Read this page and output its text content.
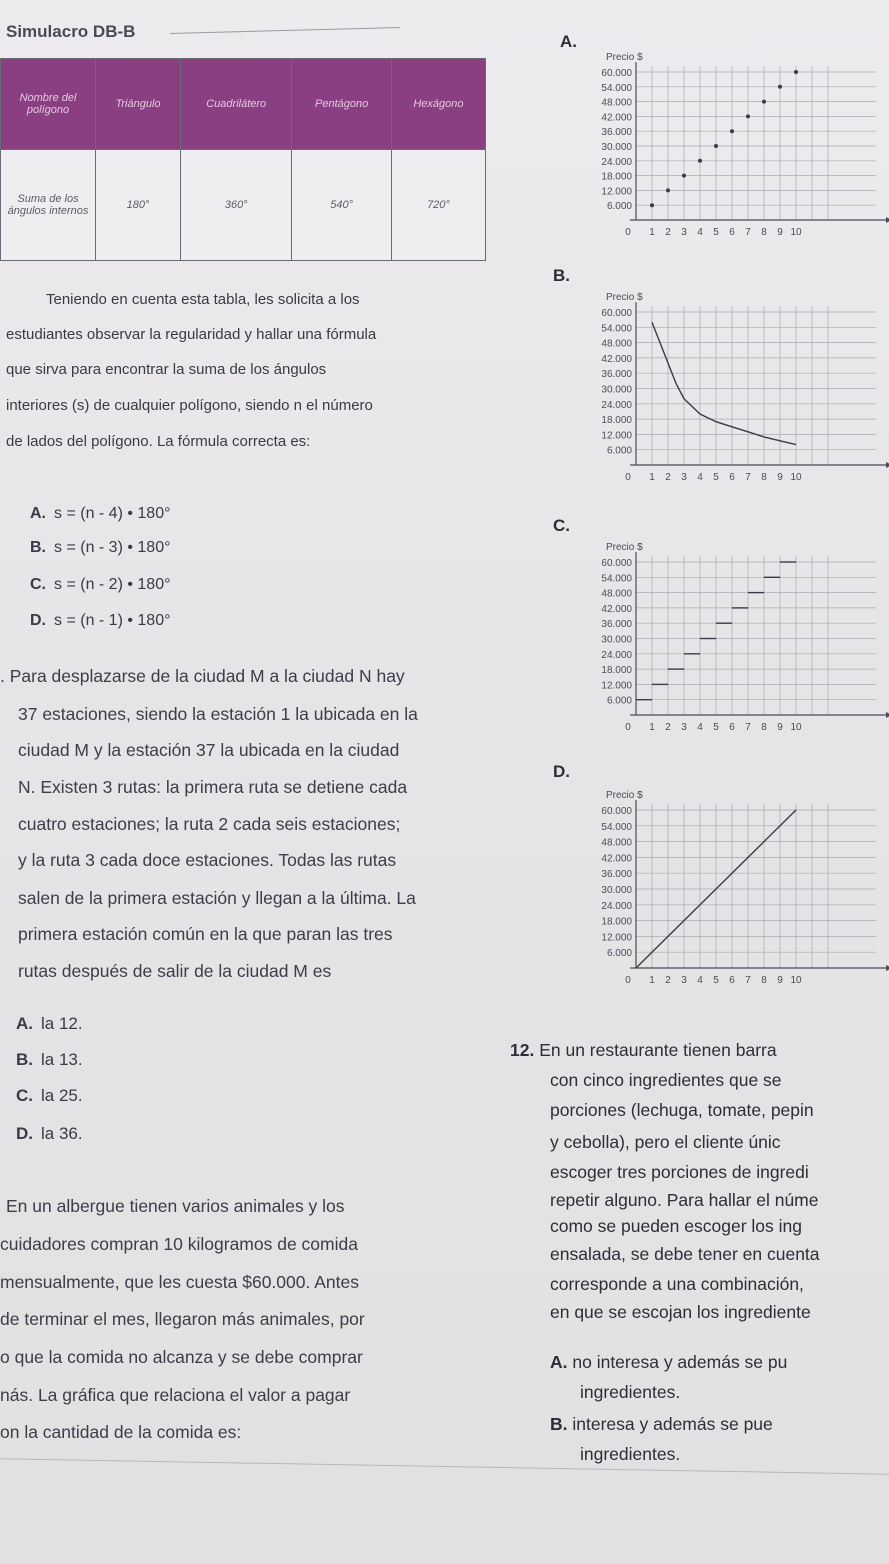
Simulacro DB-B
Nombre del polígono	Triángulo	Cuadrilátero	Pentágono	Hexágono
Suma de los ángulos internos	180°	360°	540°	720°
Teniendo en cuenta esta tabla, les solicita a los
estudiantes observar la regularidad y hallar una fórmula
que sirva para encontrar la suma de los ángulos
interiores (s) de cualquier polígono, siendo n el número
de lados del polígono. La fórmula correcta es:
A. s = (n - 4) • 180°
B. s = (n - 3) • 180°
C. s = (n - 2) • 180°
D. s = (n - 1) • 180°
. Para desplazarse de la ciudad M a la ciudad N hay
37 estaciones, siendo la estación 1 la ubicada en la
ciudad M y la estación 37 la ubicada en la ciudad
N. Existen 3 rutas: la primera ruta se detiene cada
cuatro estaciones; la ruta 2 cada seis estaciones;
y la ruta 3 cada doce estaciones. Todas las rutas
salen de la primera estación y llegan a la última. La
primera estación común en la que paran las tres
rutas después de salir de la ciudad M es
A. la 12.
B. la 13.
C. la 25.
D. la 36.
En un albergue tienen varios animales y los
cuidadores compran 10 kilogramos de comida
mensualmente, que les cuesta $60.000. Antes
de terminar el mes, llegaron más animales, por
o que la comida no alcanza y se debe comprar
nás. La gráfica que relaciona el valor a pagar
on la cantidad de la comida es:
A.
B.
C.
D.
Precio $
6.000
12.000
18.000
24.000
30.000
36.000
42.000
48.000
54.000
60.000
0 1 2 3 4 5 6 7 8 9 10
Precio $
6.000
12.000
18.000
24.000
30.000
36.000
42.000
48.000
54.000
60.000
0 1 2 3 4 5 6 7 8 9 10
Precio $
6.000
12.000
18.000
24.000
30.000
36.000
42.000
48.000
54.000
60.000
0 1 2 3 4 5 6 7 8 9 10
Precio $
6.000
12.000
18.000
24.000
30.000
36.000
42.000
48.000
54.000
60.000
0 1 2 3 4 5 6 7 8 9 10
12. En un restaurante tienen barra
con cinco ingredientes que se
porciones (lechuga, tomate, pepin
y cebolla), pero el cliente únic
escoger tres porciones de ingredi
repetir alguno. Para hallar el núme
como se pueden escoger los ing
ensalada, se debe tener en cuenta
corresponde a una combinación,
en que se escojan los ingrediente
A. no interesa y además se pu
ingredientes.
B. interesa y además se pue
ingredientes.
